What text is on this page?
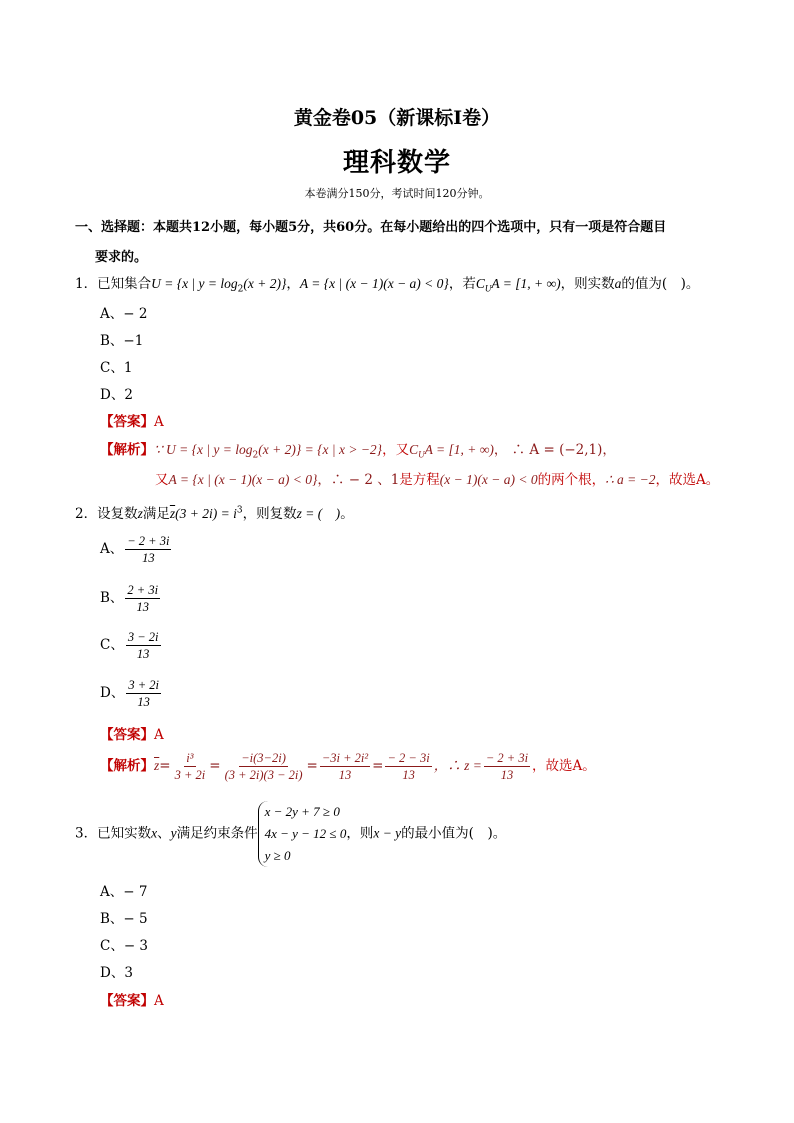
黄金卷05（新课标Ⅰ卷）
理科数学
本卷满分150分，考试时间120分钟。
一、选择题：本题共12小题，每小题5分，共60分。在每小题给出的四个选项中，只有一项是符合题目
要求的。
1．已知集合U = {x | $y = \log_2(x + 2)$}，A = {x | (x − 1)(x − a) < 0}，若$C_UA = [1$, + ∞)，则实数a的值为(　)。
A、− 2
B、−1
C、1
D、2
【答案】A
【解析】∵ U = {x | $y = \log_2(x + 2)\} = \{x$ | x > −2}，又$C_UA = [1$, + ∞)， ∴ A = (−2,1)，
又A = {x | (x − 1)(x − a) < 0}，∴ − 2 、1是方程(x − 1)(x − a) < 0的两个根，∴ a = −2，故选A。
2．设复数z满足$\overline{z}(3 + 2i) = i^3$，则复数z = (　)。
A、 $\frac{- 2 + 3i}{13}$
B、 $\frac{2 + 3i}{13}$
C、 $\frac{3 - 2i}{13}$
D、 $\frac{3 + 2i}{13}$
【答案】A
【解析】$\overline{z}= \frac{\text{i³}}{3 + 2i} = \frac{-i(3-2i)}{(3 + 2i)(3 - 2i)} = \frac{\text{−3i + 2i²}}{13} = \frac{- 2 - 3i}{13}$ ，∴ $z = \frac{- 2 + 3i}{13}$ ，故选A。
3．已知实数x、y满足约束条件
x − 2y + 7 ≥ 0
4x − y − 12 ≤ 0
y ≥ 0
，则x − y的最小值为(　)。
A、− 7
B、− 5
C、− 3
D、3
【答案】A
